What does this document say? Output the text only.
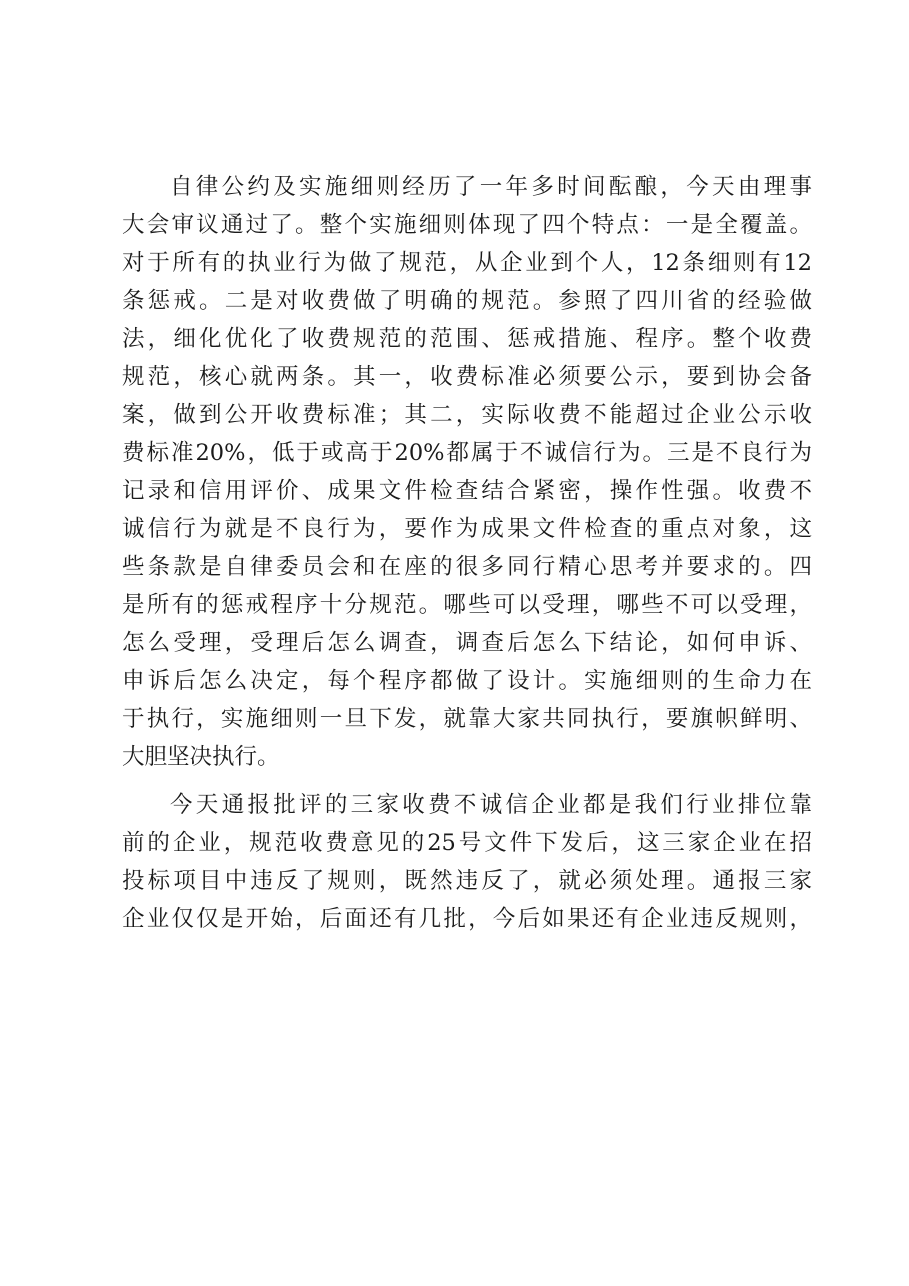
自律公约及实施细则经历了一年多时间酝酿，今天由理事
大会审议通过了。整个实施细则体现了四个特点：一是全覆盖。
对于所有的执业行为做了规范，从企业到个人，12条细则有12
条惩戒。二是对收费做了明确的规范。参照了四川省的经验做
法，细化优化了收费规范的范围、惩戒措施、程序。整个收费
规范，核心就两条。其一，收费标准必须要公示，要到协会备
案，做到公开收费标准；其二，实际收费不能超过企业公示收
费标准20%，低于或高于20%都属于不诚信行为。三是不良行为
记录和信用评价、成果文件检查结合紧密，操作性强。收费不
诚信行为就是不良行为，要作为成果文件检查的重点对象，这
些条款是自律委员会和在座的很多同行精心思考并要求的。四
是所有的惩戒程序十分规范。哪些可以受理，哪些不可以受理，
怎么受理，受理后怎么调查，调查后怎么下结论，如何申诉、
申诉后怎么决定，每个程序都做了设计。实施细则的生命力在
于执行，实施细则一旦下发，就靠大家共同执行，要旗帜鲜明、
大胆坚决执行。
今天通报批评的三家收费不诚信企业都是我们行业排位靠
前的企业，规范收费意见的25号文件下发后，这三家企业在招
投标项目中违反了规则，既然违反了，就必须处理。通报三家
企业仅仅是开始，后面还有几批，今后如果还有企业违反规则，
